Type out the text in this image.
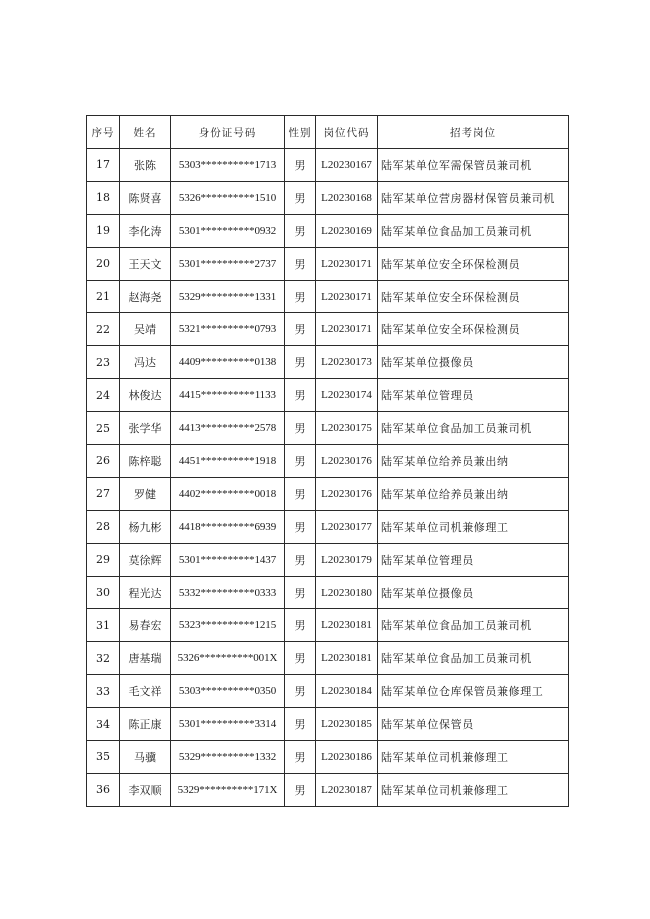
序号	姓名	身份证号码	性别	岗位代码	招考岗位
17	张陈	5303**********1713	男	L20230167	陆军某单位军需保管员兼司机
18	陈贤喜	5326**********1510	男	L20230168	陆军某单位营房器材保管员兼司机
19	李化涛	5301**********0932	男	L20230169	陆军某单位食品加工员兼司机
20	王天文	5301**********2737	男	L20230171	陆军某单位安全环保检测员
21	赵海尧	5329**********1331	男	L20230171	陆军某单位安全环保检测员
22	吴靖	5321**********0793	男	L20230171	陆军某单位安全环保检测员
23	冯达	4409**********0138	男	L20230173	陆军某单位摄像员
24	林俊达	4415**********1133	男	L20230174	陆军某单位管理员
25	张学华	4413**********2578	男	L20230175	陆军某单位食品加工员兼司机
26	陈梓聪	4451**********1918	男	L20230176	陆军某单位给养员兼出纳
27	罗健	4402**********0018	男	L20230176	陆军某单位给养员兼出纳
28	杨九彬	4418**********6939	男	L20230177	陆军某单位司机兼修理工
29	莫徐辉	5301**********1437	男	L20230179	陆军某单位管理员
30	程光达	5332**********0333	男	L20230180	陆军某单位摄像员
31	易春宏	5323**********1215	男	L20230181	陆军某单位食品加工员兼司机
32	唐基瑞	5326**********001X	男	L20230181	陆军某单位食品加工员兼司机
33	毛文祥	5303**********0350	男	L20230184	陆军某单位仓库保管员兼修理工
34	陈正康	5301**********3314	男	L20230185	陆军某单位保管员
35	马骥	5329**********1332	男	L20230186	陆军某单位司机兼修理工
36	李双顺	5329**********171X	男	L20230187	陆军某单位司机兼修理工
